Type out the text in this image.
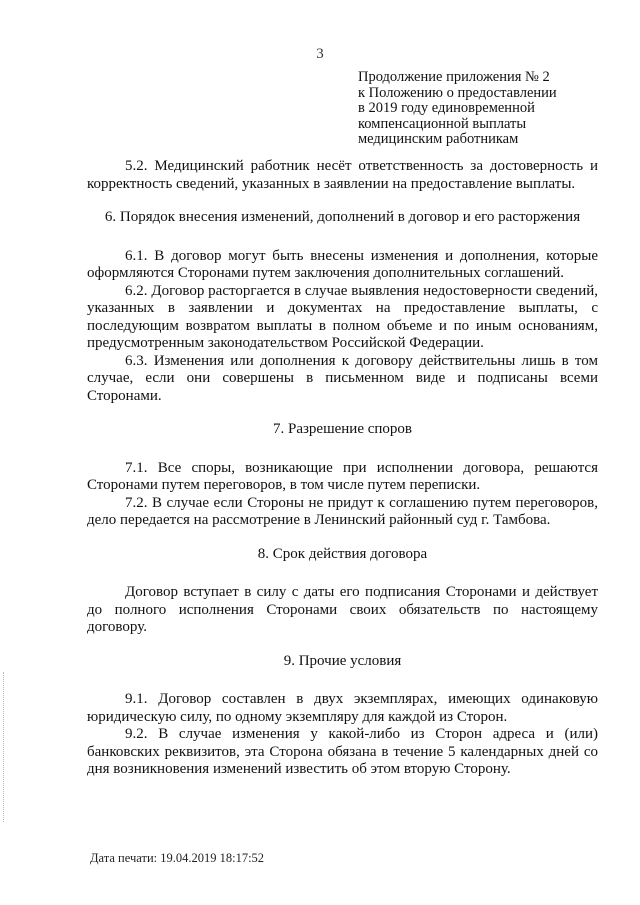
3
Продолжение приложения № 2
к Положению о предоставлении
в 2019 году единовременной
компенсационной выплаты
медицинским работникам

5.2. Медицинский работник несёт ответственность за достоверность и корректность сведений, указанных в заявлении на предоставление выплаты.

6. Порядок внесения изменений, дополнений в договор и его расторжения

6.1. В договор могут быть внесены изменения и дополнения, которые оформляются Сторонами путем заключения дополнительных соглашений.

6.2. Договор расторгается в случае выявления недостоверности сведений, указанных в заявлении и документах на предоставление выплаты, с последующим возвратом выплаты в полном объеме и по иным основаниям, предусмотренным законодательством Российской Федерации.

6.3. Изменения или дополнения к договору действительны лишь в том случае, если они совершены в письменном виде и подписаны всеми Сторонами.

7. Разрешение споров

7.1. Все споры, возникающие при исполнении договора, решаются Сторонами путем переговоров, в том числе путем переписки.

7.2. В случае если Стороны не придут к соглашению путем переговоров, дело передается на рассмотрение в Ленинский районный суд г. Тамбова.

8. Срок действия договора

Договор вступает в силу с даты его подписания Сторонами и действует до полного исполнения Сторонами своих обязательств по настоящему договору.

9. Прочие условия

9.1. Договор составлен в двух экземплярах, имеющих одинаковую юридическую силу, по одному экземпляру для каждой из Сторон.

9.2. В случае изменения у какой-либо из Сторон адреса и (или) банковских реквизитов, эта Сторона обязана в течение 5 календарных дней со дня возникновения изменений известить об этом вторую Сторону.

Дата печати: 19.04.2019 18:17:52
